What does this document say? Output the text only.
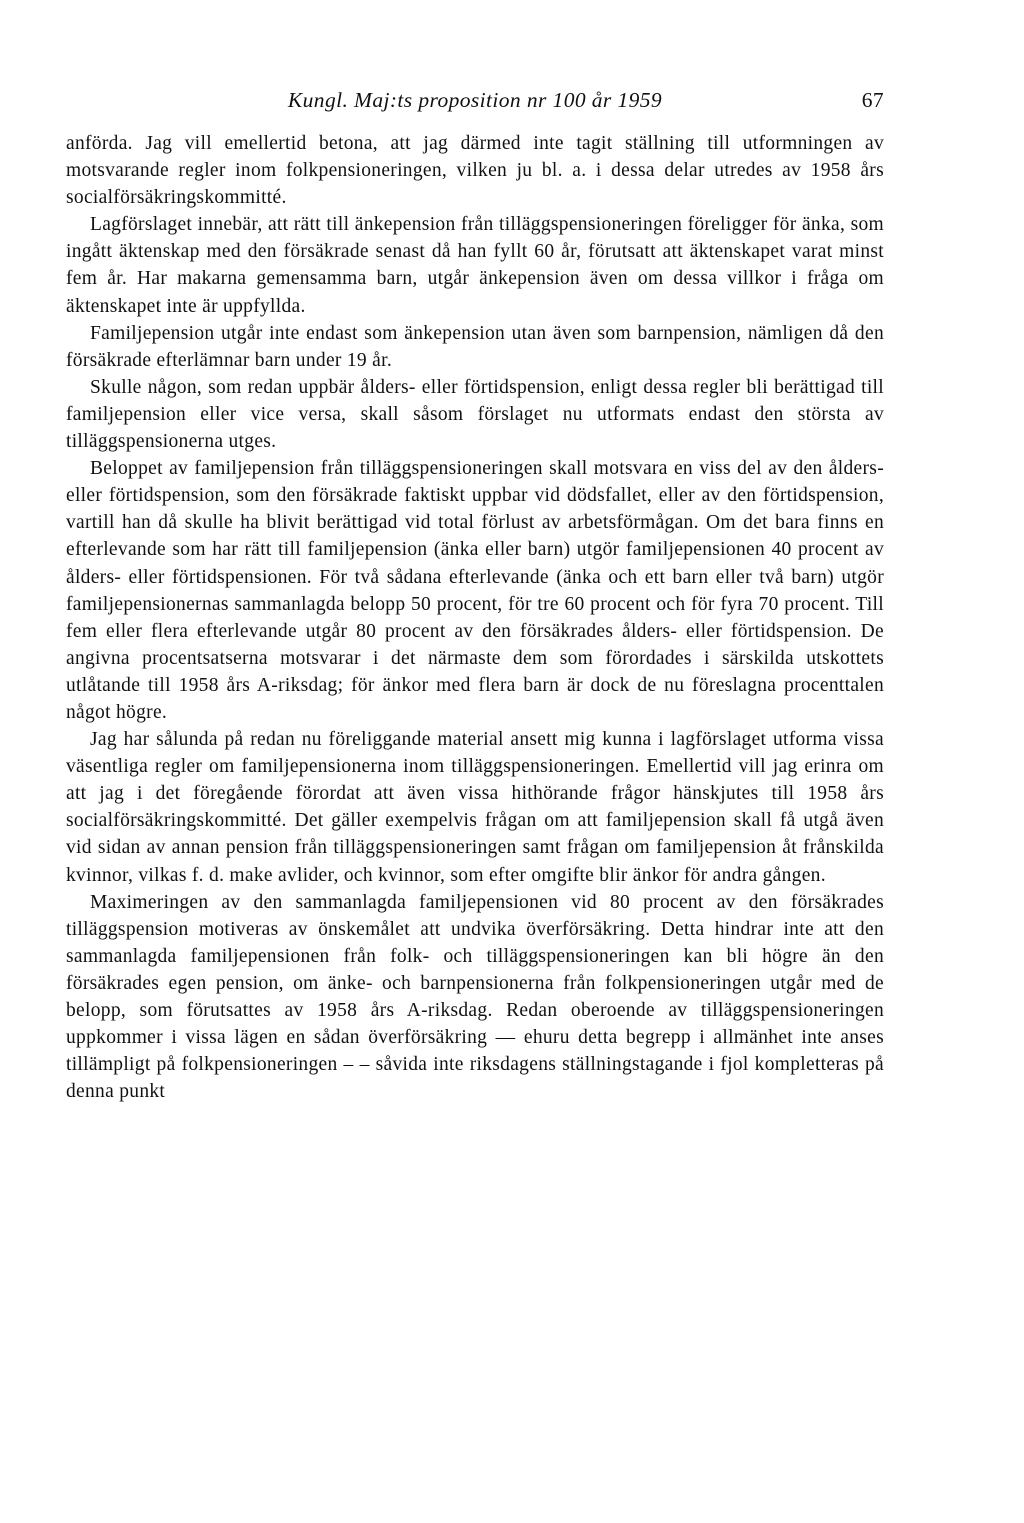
Kungl. Maj:ts proposition nr 100 år 1959	67

anförda. Jag vill emellertid betona, att jag därmed inte tagit ställning till utformningen av motsvarande regler inom folkpensioneringen, vilken ju bl. a. i dessa delar utredes av 1958 års socialförsäkringskommitté.

Lagförslaget innebär, att rätt till änkepension från tilläggspensioneringen föreligger för änka, som ingått äktenskap med den försäkrade senast då han fyllt 60 år, förutsatt att äktenskapet varat minst fem år. Har makarna gemensamma barn, utgår änkepension även om dessa villkor i fråga om äktenskapet inte är uppfyllda.

Familjepension utgår inte endast som änkepension utan även som barnpension, nämligen då den försäkrade efterlämnar barn under 19 år.

Skulle någon, som redan uppbär ålders- eller förtidspension, enligt dessa regler bli berättigad till familjepension eller vice versa, skall såsom förslaget nu utformats endast den största av tilläggspensionerna utges.

Beloppet av familjepension från tilläggspensioneringen skall motsvara en viss del av den ålders- eller förtidspension, som den försäkrade faktiskt uppbar vid dödsfallet, eller av den förtidspension, vartill han då skulle ha blivit berättigad vid total förlust av arbetsförmågan. Om det bara finns en efterlevande som har rätt till familjepension (änka eller barn) utgör familjepensionen 40 procent av ålders- eller förtidspensionen. För två sådana efterlevande (änka och ett barn eller två barn) utgör familjepensionernas sammanlagda belopp 50 procent, för tre 60 procent och för fyra 70 procent. Till fem eller flera efterlevande utgår 80 procent av den försäkrades ålders- eller förtidspension. De angivna procentsatserna motsvarar i det närmaste dem som förordades i särskilda utskottets utlåtande till 1958 års A-riksdag; för änkor med flera barn är dock de nu föreslagna procenttalen något högre.

Jag har sålunda på redan nu föreliggande material ansett mig kunna i lagförslaget utforma vissa väsentliga regler om familjepensionerna inom tilläggspensioneringen. Emellertid vill jag erinra om att jag i det föregående förordat att även vissa hithörande frågor hänskjutes till 1958 års socialförsäkringskommitté. Det gäller exempelvis frågan om att familjepension skall få utgå även vid sidan av annan pension från tilläggspensioneringen samt frågan om familjepension åt frånskilda kvinnor, vilkas f. d. make avlider, och kvinnor, som efter omgifte blir änkor för andra gången.

Maximeringen av den sammanlagda familjepensionen vid 80 procent av den försäkrades tilläggspension motiveras av önskemålet att undvika överförsäkring. Detta hindrar inte att den sammanlagda familjepensionen från folk- och tilläggspensioneringen kan bli högre än den försäkrades egen pension, om änke- och barnpensionerna från folkpensioneringen utgår med de belopp, som förutsattes av 1958 års A-riksdag. Redan oberoende av tilläggspensioneringen uppkommer i vissa lägen en sådan överförsäkring — ehuru detta begrepp i allmänhet inte anses tillämpligt på folkpensioneringen – – såvida inte riksdagens ställningstagande i fjol kompletteras på denna punkt
